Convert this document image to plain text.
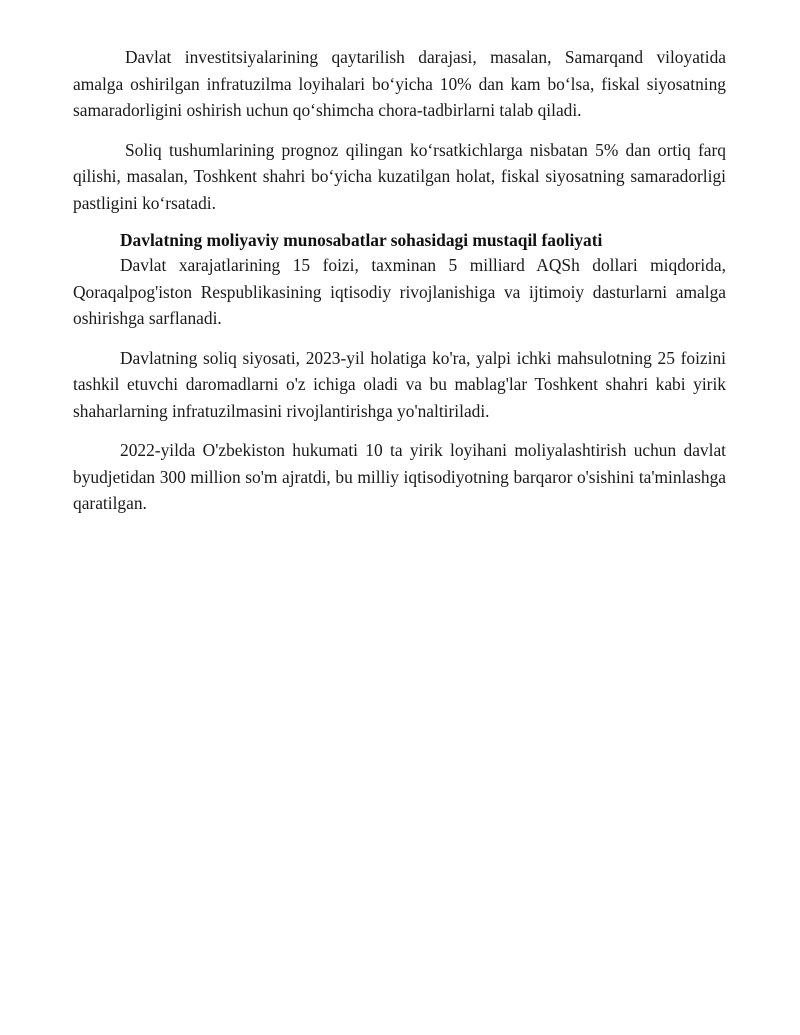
Davlat investitsiyalarining qaytarilish darajasi, masalan, Samarqand viloyatida amalga oshirilgan infratuzilma loyihalari bo‘yicha 10% dan kam bo‘lsa, fiskal siyosatning samaradorligini oshirish uchun qo‘shimcha chora-tadbirlarni talab qiladi.

Soliq tushumlarining prognoz qilingan ko‘rsatkichlarga nisbatan 5% dan ortiq farq qilishi, masalan, Toshkent shahri bo‘yicha kuzatilgan holat, fiskal siyosatning samaradorligi pastligini ko‘rsatadi.

Davlatning moliyaviy munosabatlar sohasidagi mustaqil faoliyati

Davlat xarajatlarining 15 foizi, taxminan 5 milliard AQSh dollari miqdorida, Qoraqalpog'iston Respublikasining iqtisodiy rivojlanishiga va ijtimoiy dasturlarni amalga oshirishga sarflanadi.

Davlatning soliq siyosati, 2023-yil holatiga ko'ra, yalpi ichki mahsulotning 25 foizini tashkil etuvchi daromadlarni o'z ichiga oladi va bu mablag'lar Toshkent shahri kabi yirik shaharlarning infratuzilmasini rivojlantirishga yo'naltiriladi.

2022-yilda O'zbekiston hukumati 10 ta yirik loyihani moliyalashtirish uchun davlat byudjetidan 300 million so'm ajratdi, bu milliy iqtisodiyotning barqaror o'sishini ta'minlashga qaratilgan.
